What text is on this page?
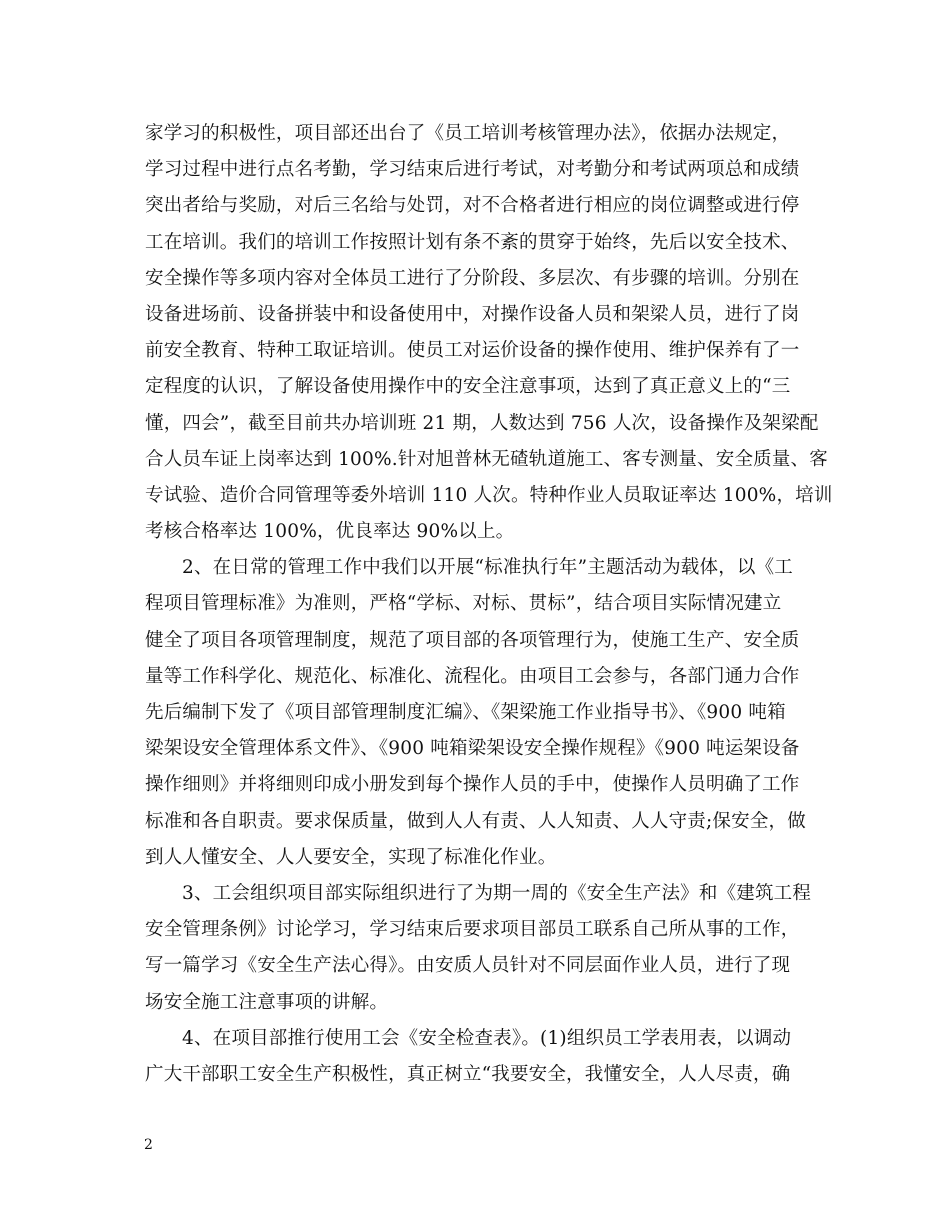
家学习的积极性，项目部还出台了《员工培训考核管理办法》，依据办法规定，
学习过程中进行点名考勤，学习结束后进行考试，对考勤分和考试两项总和成绩
突出者给与奖励，对后三名给与处罚，对不合格者进行相应的岗位调整或进行停
工在培训。我们的培训工作按照计划有条不紊的贯穿于始终，先后以安全技术、
安全操作等多项内容对全体员工进行了分阶段、多层次、有步骤的培训。分别在
设备进场前、设备拼装中和设备使用中，对操作设备人员和架梁人员，进行了岗
前安全教育、特种工取证培训。使员工对运价设备的操作使用、维护保养有了一
定程度的认识，了解设备使用操作中的安全注意事项，达到了真正意义上的“三
懂，四会”，截至目前共办培训班 21 期，人数达到 756 人次，设备操作及架梁配
合人员车证上岗率达到 100%.针对旭普林无碴轨道施工、客专测量、安全质量、客
专试验、造价合同管理等委外培训 110 人次。特种作业人员取证率达 100%，培训
考核合格率达 100%，优良率达 90%以上。
2、在日常的管理工作中我们以开展“标准执行年”主题活动为载体，以《工
程项目管理标准》为准则，严格“学标、对标、贯标”，结合项目实际情况建立
健全了项目各项管理制度，规范了项目部的各项管理行为，使施工生产、安全质
量等工作科学化、规范化、标准化、流程化。由项目工会参与，各部门通力合作
先后编制下发了《项目部管理制度汇编》、《架梁施工作业指导书》、《900 吨箱
梁架设安全管理体系文件》、《900 吨箱梁架设安全操作规程》《900 吨运架设备
操作细则》并将细则印成小册发到每个操作人员的手中，使操作人员明确了工作
标准和各自职责。要求保质量，做到人人有责、人人知责、人人守责;保安全，做
到人人懂安全、人人要安全，实现了标准化作业。
3、工会组织项目部实际组织进行了为期一周的《安全生产法》和《建筑工程
安全管理条例》讨论学习，学习结束后要求项目部员工联系自己所从事的工作，
写一篇学习《安全生产法心得》。由安质人员针对不同层面作业人员，进行了现
场安全施工注意事项的讲解。
4、在项目部推行使用工会《安全检查表》。(1)组织员工学表用表，以调动
广大干部职工安全生产积极性，真正树立“我要安全，我懂安全，人人尽责，确
2
